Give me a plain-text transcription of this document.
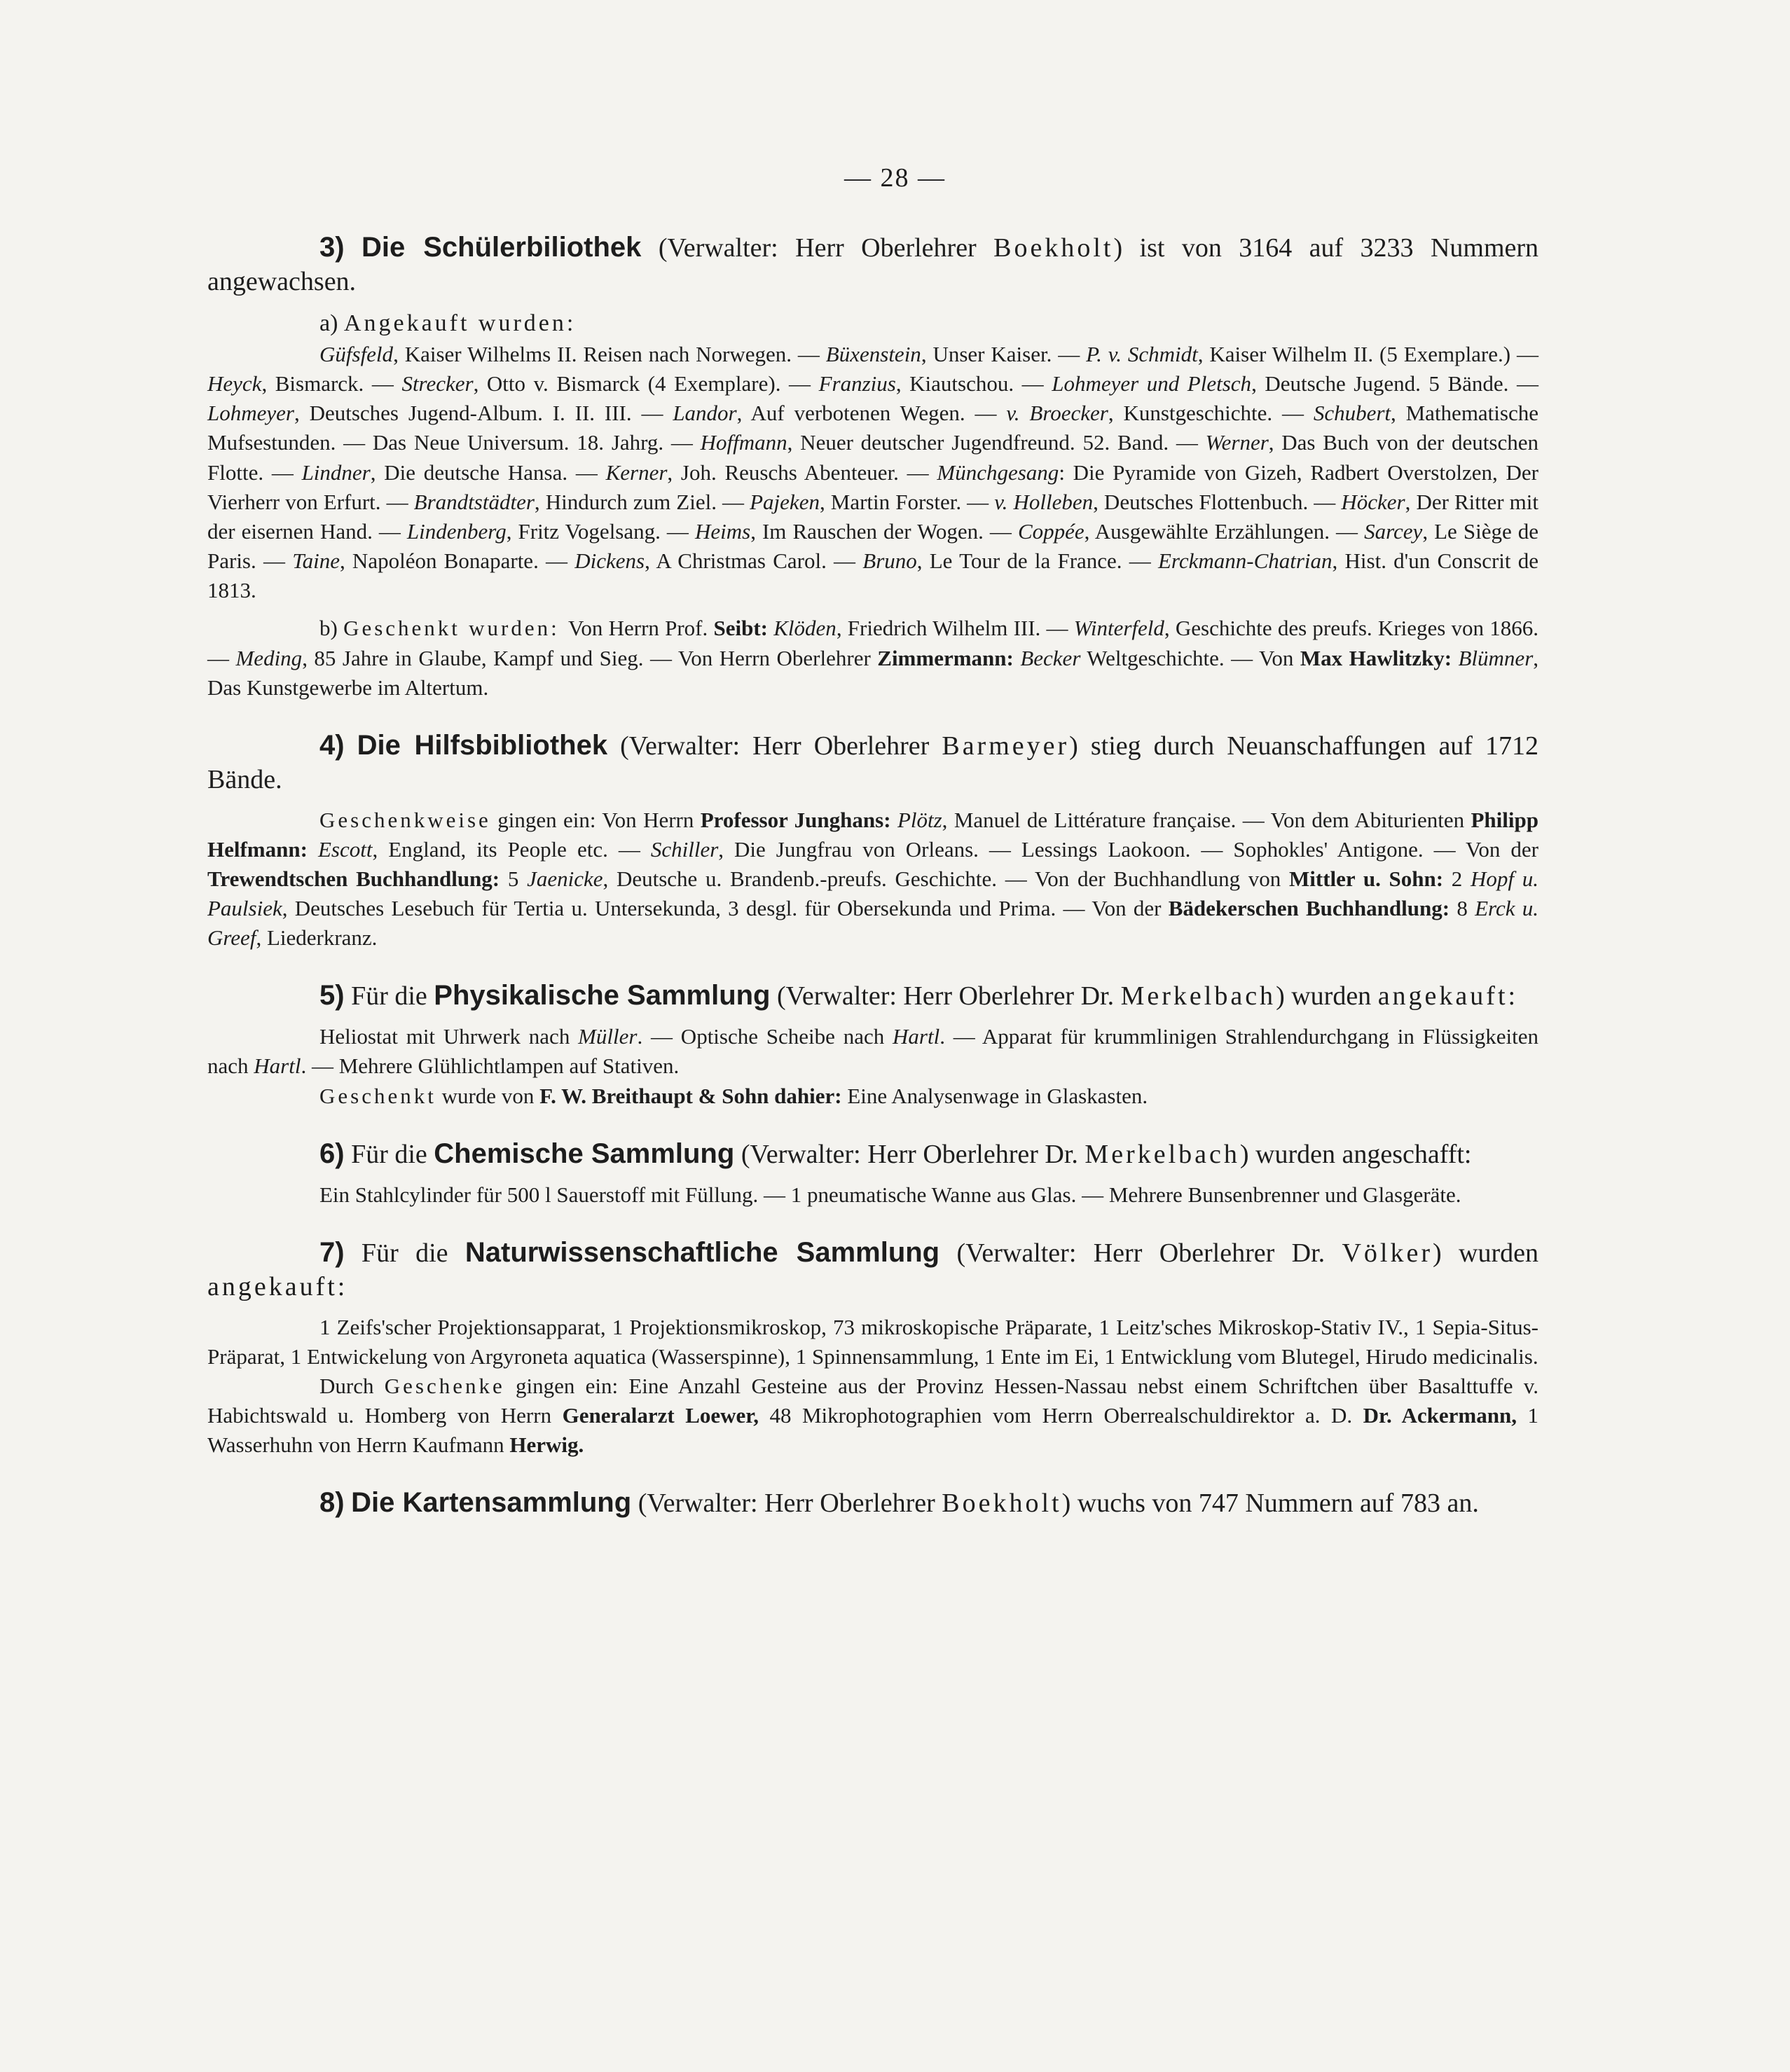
— 28 —

3) Die Schülerbiliothek (Verwalter: Herr Oberlehrer Boekholt) ist von 3164 auf 3233 Nummern angewachsen.

a) Angekauft wurden:

Güfsfeld, Kaiser Wilhelms II. Reisen nach Norwegen. — Büxenstein, Unser Kaiser. — P. v. Schmidt, Kaiser Wilhelm II. (5 Exemplare.) — Heyck, Bismarck. — Strecker, Otto v. Bismarck (4 Exemplare). — Franzius, Kiautschou. — Lohmeyer und Pletsch, Deutsche Jugend. 5 Bände. — Lohmeyer, Deutsches Jugend-Album. I. II. III. — Landor, Auf verbotenen Wegen. — v. Broecker, Kunstgeschichte. — Schubert, Mathematische Mufsestunden. — Das Neue Universum. 18. Jahrg. — Hoffmann, Neuer deutscher Jugendfreund. 52. Band. — Werner, Das Buch von der deutschen Flotte. — Lindner, Die deutsche Hansa. — Kerner, Joh. Reuschs Abenteuer. — Münchgesang: Die Pyramide von Gizeh, Radbert Overstolzen, Der Vierherr von Erfurt. — Brandtstädter, Hindurch zum Ziel. — Pajeken, Martin Forster. — v. Holleben, Deutsches Flottenbuch. — Höcker, Der Ritter mit der eisernen Hand. — Lindenberg, Fritz Vogelsang. — Heims, Im Rauschen der Wogen. — Coppée, Ausgewählte Erzählungen. — Sarcey, Le Siège de Paris. — Taine, Napoléon Bonaparte. — Dickens, A Christmas Carol. — Bruno, Le Tour de la France. — Erckmann-Chatrian, Hist. d'un Conscrit de 1813.

b) Geschenkt wurden: Von Herrn Prof. Seibt: Klöden, Friedrich Wilhelm III. — Winterfeld, Geschichte des preufs. Krieges von 1866. — Meding, 85 Jahre in Glaube, Kampf und Sieg. — Von Herrn Oberlehrer Zimmermann: Becker Weltgeschichte. — Von Max Hawlitzky: Blümner, Das Kunstgewerbe im Altertum.

4) Die Hilfsbibliothek (Verwalter: Herr Oberlehrer Barmeyer) stieg durch Neuanschaffungen auf 1712 Bände.

Geschenkweise gingen ein: Von Herrn Professor Junghans: Plötz, Manuel de Littérature française. — Von dem Abiturienten Philipp Helfmann: Escott, England, its People etc. — Schiller, Die Jungfrau von Orleans. — Lessings Laokoon. — Sophokles' Antigone. — Von der Trewendtschen Buchhandlung: 5 Jaenicke, Deutsche u. Brandenb.-preufs. Geschichte. — Von der Buchhandlung von Mittler u. Sohn: 2 Hopf u. Paulsiek, Deutsches Lesebuch für Tertia u. Untersekunda, 3 desgl. für Obersekunda und Prima. — Von der Bädekerschen Buchhandlung: 8 Erck u. Greef, Liederkranz.

5) Für die Physikalische Sammlung (Verwalter: Herr Oberlehrer Dr. Merkelbach) wurden angekauft:

Heliostat mit Uhrwerk nach Müller. — Optische Scheibe nach Hartl. — Apparat für krummlinigen Strahlendurchgang in Flüssigkeiten nach Hartl. — Mehrere Glühlichtlampen auf Stativen.

Geschenkt wurde von F. W. Breithaupt & Sohn dahier: Eine Analysenwage in Glaskasten.

6) Für die Chemische Sammlung (Verwalter: Herr Oberlehrer Dr. Merkelbach) wurden angeschafft:

Ein Stahlcylinder für 500 l Sauerstoff mit Füllung. — 1 pneumatische Wanne aus Glas. — Mehrere Bunsenbrenner und Glasgeräte.

7) Für die Naturwissenschaftliche Sammlung (Verwalter: Herr Oberlehrer Dr. Völker) wurden angekauft:

1 Zeifs'scher Projektionsapparat, 1 Projektionsmikroskop, 73 mikroskopische Präparate, 1 Leitz'sches Mikroskop-Stativ IV., 1 Sepia-Situs-Präparat, 1 Entwickelung von Argyroneta aquatica (Wasserspinne), 1 Spinnensammlung, 1 Ente im Ei, 1 Entwicklung vom Blutegel, Hirudo medicinalis.

Durch Geschenke gingen ein: Eine Anzahl Gesteine aus der Provinz Hessen-Nassau nebst einem Schriftchen über Basalttuffe v. Habichtswald u. Homberg von Herrn Generalarzt Loewer, 48 Mikrophotographien vom Herrn Oberrealschuldirektor a. D. Dr. Ackermann, 1 Wasserhuhn von Herrn Kaufmann Herwig.

8) Die Kartensammlung (Verwalter: Herr Oberlehrer Boekholt) wuchs von 747 Nummern auf 783 an.
